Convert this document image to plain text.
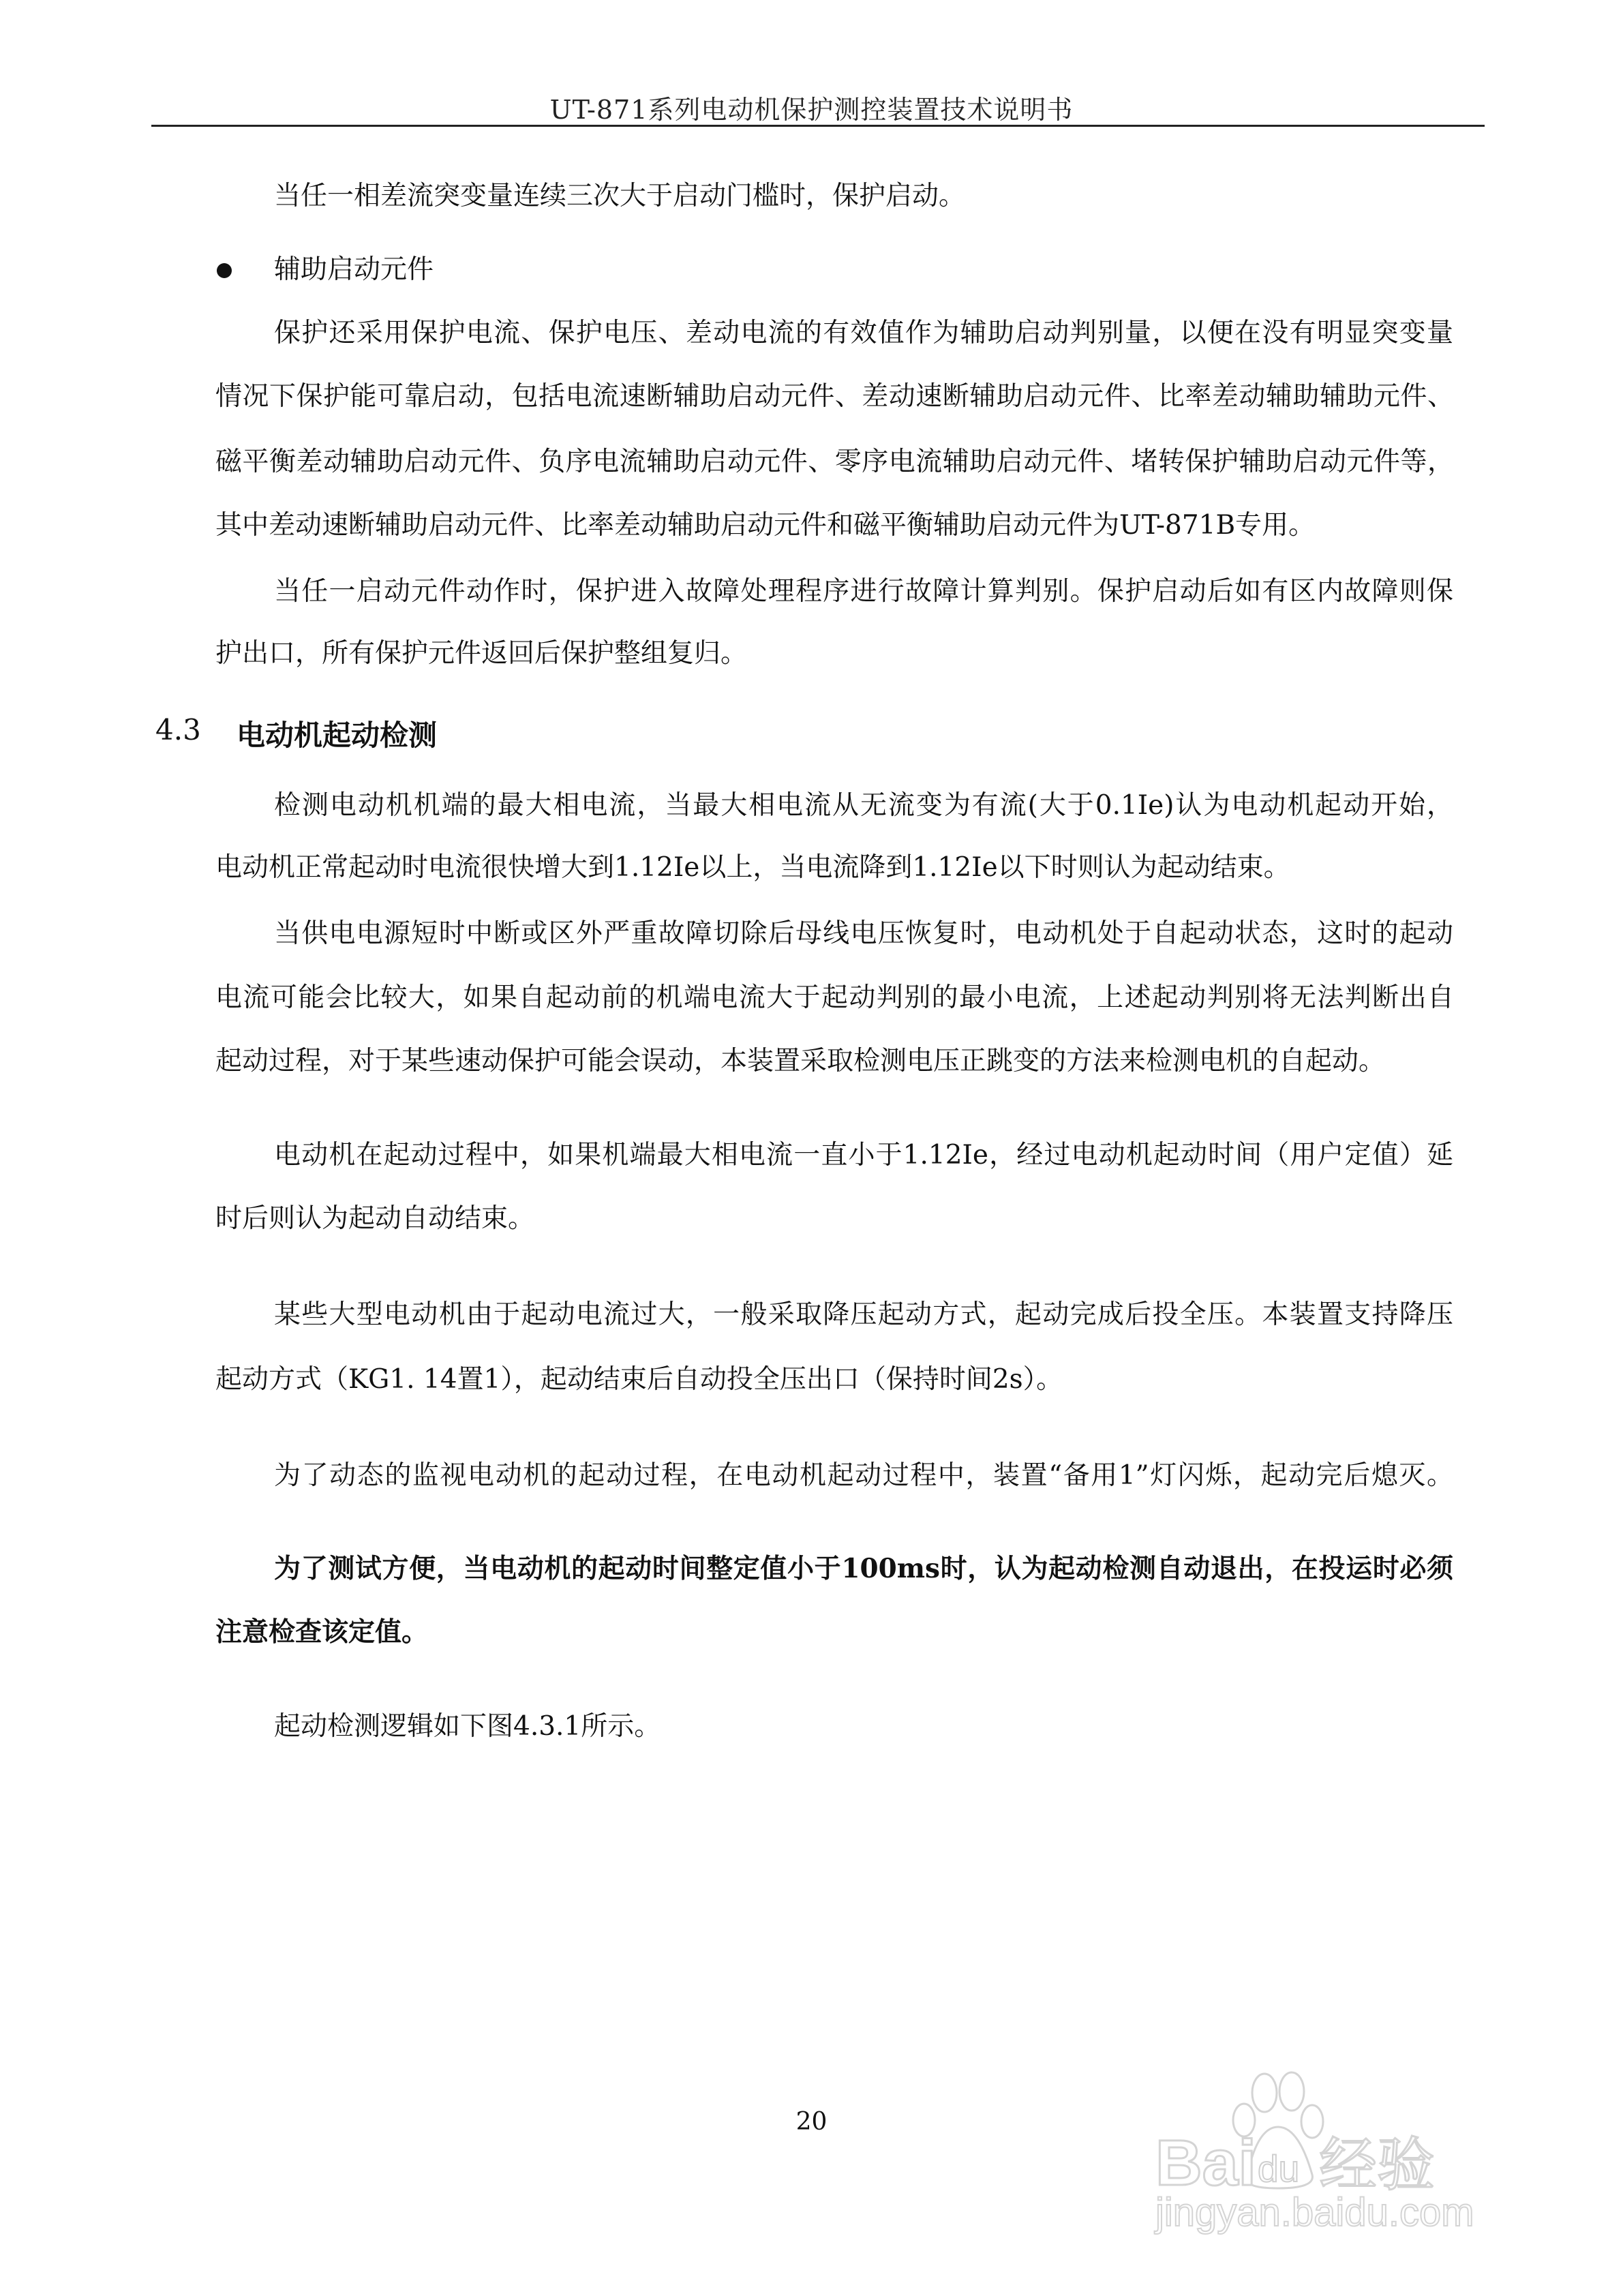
UT-871系列电动机保护测控装置技术说明书
当任一相差流突变量连续三次大于启动门槛时，保护启动。
辅助启动元件
保护还采用保护电流、保护电压、差动电流的有效值作为辅助启动判别量，以便在没有明显突变量
情况下保护能可靠启动，包括电流速断辅助启动元件、差动速断辅助启动元件、比率差动辅助辅助元件、
磁平衡差动辅助启动元件、负序电流辅助启动元件、零序电流辅助启动元件、堵转保护辅助启动元件等，
其中差动速断辅助启动元件、比率差动辅助启动元件和磁平衡辅助启动元件为UT-871B专用。
当任一启动元件动作时，保护进入故障处理程序进行故障计算判别。保护启动后如有区内故障则保
护出口，所有保护元件返回后保护整组复归。
4.3 电动机起动检测
检测电动机机端的最大相电流，当最大相电流从无流变为有流(大于0.1Ie)认为电动机起动开始，
电动机正常起动时电流很快增大到1.12Ie以上，当电流降到1.12Ie以下时则认为起动结束。
当供电电源短时中断或区外严重故障切除后母线电压恢复时，电动机处于自起动状态，这时的起动
电流可能会比较大，如果自起动前的机端电流大于起动判别的最小电流，上述起动判别将无法判断出自
起动过程，对于某些速动保护可能会误动，本装置采取检测电压正跳变的方法来检测电机的自起动。
电动机在起动过程中，如果机端最大相电流一直小于1.12Ie，经过电动机起动时间（用户定值）延
时后则认为起动自动结束。
某些大型电动机由于起动电流过大，一般采取降压起动方式，起动完成后投全压。本装置支持降压
起动方式（KG1. 14置1），起动结束后自动投全压出口（保持时间2s）。
为了动态的监视电动机的起动过程，在电动机起动过程中，装置“备用1”灯闪烁，起动完后熄灭。
为了测试方便，当电动机的起动时间整定值小于100ms时，认为起动检测自动退出，在投运时必须
注意检查该定值。
起动检测逻辑如下图4.3.1所示。
20
Bai du 经验
jingyan.baidu.com
